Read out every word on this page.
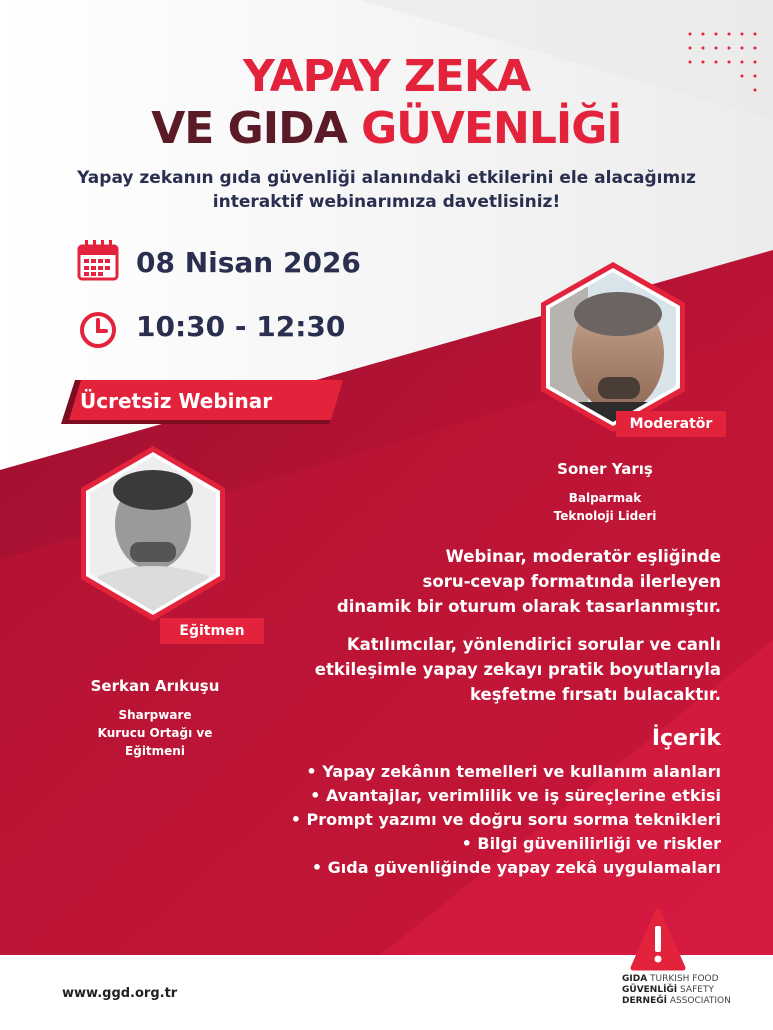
YAPAY ZEKA
VE GIDA GÜVENLİĞİ
Yapay zekanın gıda güvenliği alanındaki etkilerini ele alacağımız
interaktif webinarımıza davetlisiniz!
08 Nisan 2026
10:30 - 12:30
Ücretsiz Webinar
Moderatör
Soner Yarış
Balparmak
Teknoloji Lideri
Eğitmen
Serkan Arıkuşu
Sharpware
Kurucu Ortağı ve
Eğitmeni
Webinar, moderatör eşliğinde
soru-cevap formatında ilerleyen
dinamik bir oturum olarak tasarlanmıştır.
Katılımcılar, yönlendirici sorular ve canlı
etkileşimle yapay zekayı pratik boyutlarıyla
keşfetme fırsatı bulacaktır.
İçerik
• Yapay zekânın temelleri ve kullanım alanları
• Avantajlar, verimlilik ve iş süreçlerine etkisi
• Prompt yazımı ve doğru soru sorma teknikleri
• Bilgi güvenilirliği ve riskler
• Gıda güvenliğinde yapay zekâ uygulamaları
www.ggd.org.tr
GIDA TURKISH FOOD
GÜVENLİĞİ SAFETY
DERNEĞİ ASSOCIATION
